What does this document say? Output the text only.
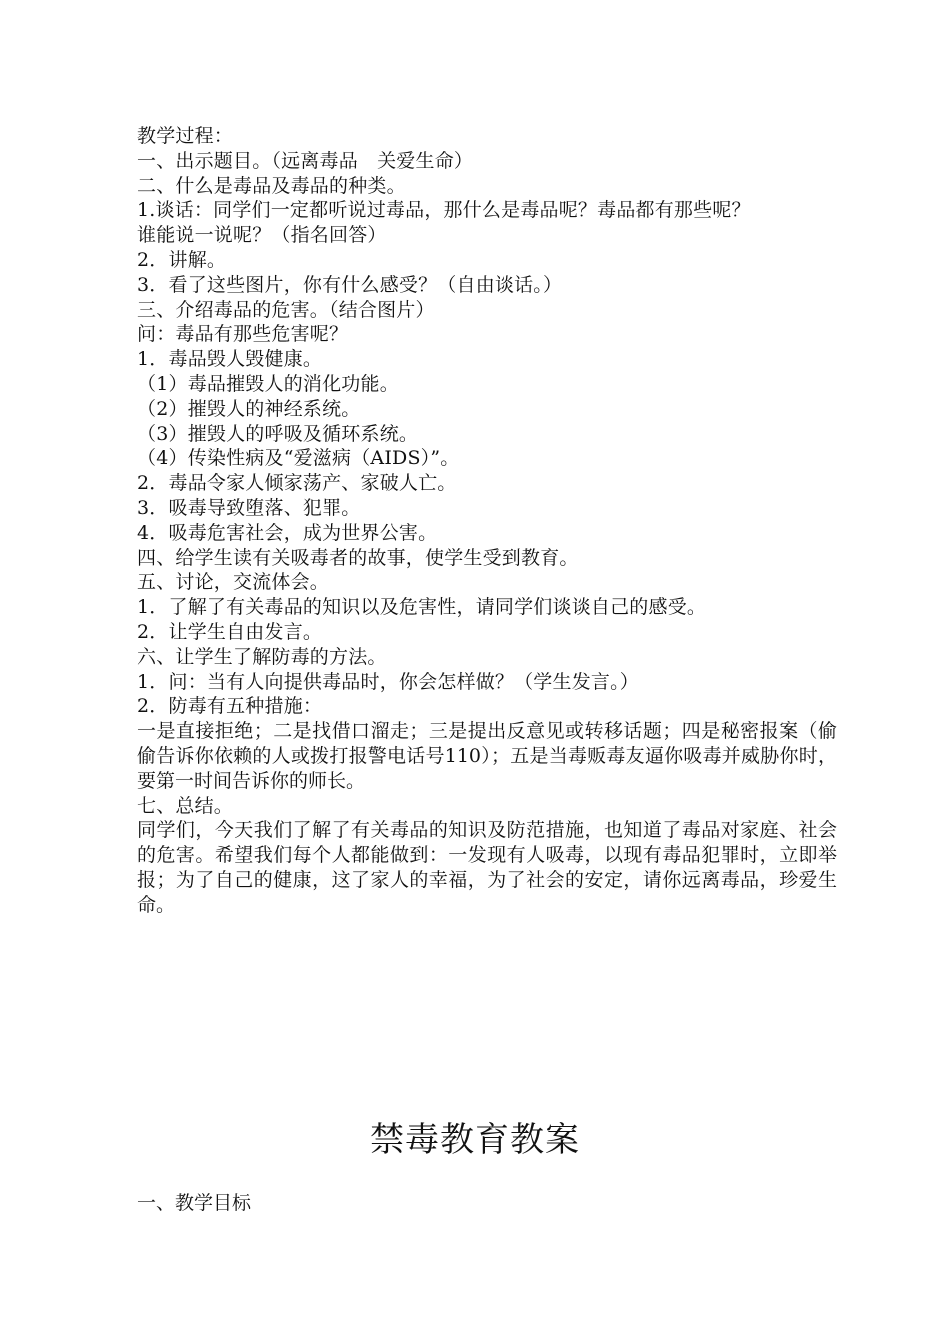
教学过程：
一、出示题目。（远离毒品　关爱生命）
二、什么是毒品及毒品的种类。
1.谈话：同学们一定都听说过毒品，那什么是毒品呢？毒品都有那些呢？
谁能说一说呢？（指名回答）
2．讲解。
3．看了这些图片，你有什么感受？（自由谈话。）
三、介绍毒品的危害。（结合图片）
问：毒品有那些危害呢？
1．毒品毁人毁健康。
（1）毒品摧毁人的消化功能。
（2）摧毁人的神经系统。
（3）摧毁人的呼吸及循环系统。
（4）传染性病及“爱滋病（AIDS）”。
2．毒品令家人倾家荡产、家破人亡。
3．吸毒导致堕落、犯罪。
4．吸毒危害社会，成为世界公害。
四、给学生读有关吸毒者的故事，使学生受到教育。
五、讨论，交流体会。
1．了解了有关毒品的知识以及危害性，请同学们谈谈自己的感受。
2．让学生自由发言。
六、让学生了解防毒的方法。
1．问：当有人向提供毒品时，你会怎样做？（学生发言。）
2．防毒有五种措施：
一是直接拒绝；二是找借口溜走；三是提出反意见或转移话题；四是秘密报案（偷偷告诉你依赖的人或拨打报警电话号110）；五是当毒贩毒友逼你吸毒并威胁你时，要第一时间告诉你的师长。
七、总结。
同学们，今天我们了解了有关毒品的知识及防范措施，也知道了毒品对家庭、社会的危害。希望我们每个人都能做到：一发现有人吸毒，以现有毒品犯罪时，立即举报；为了自己的健康，这了家人的幸福，为了社会的安定，请你远离毒品，珍爱生命。
禁毒教育教案
一、教学目标
